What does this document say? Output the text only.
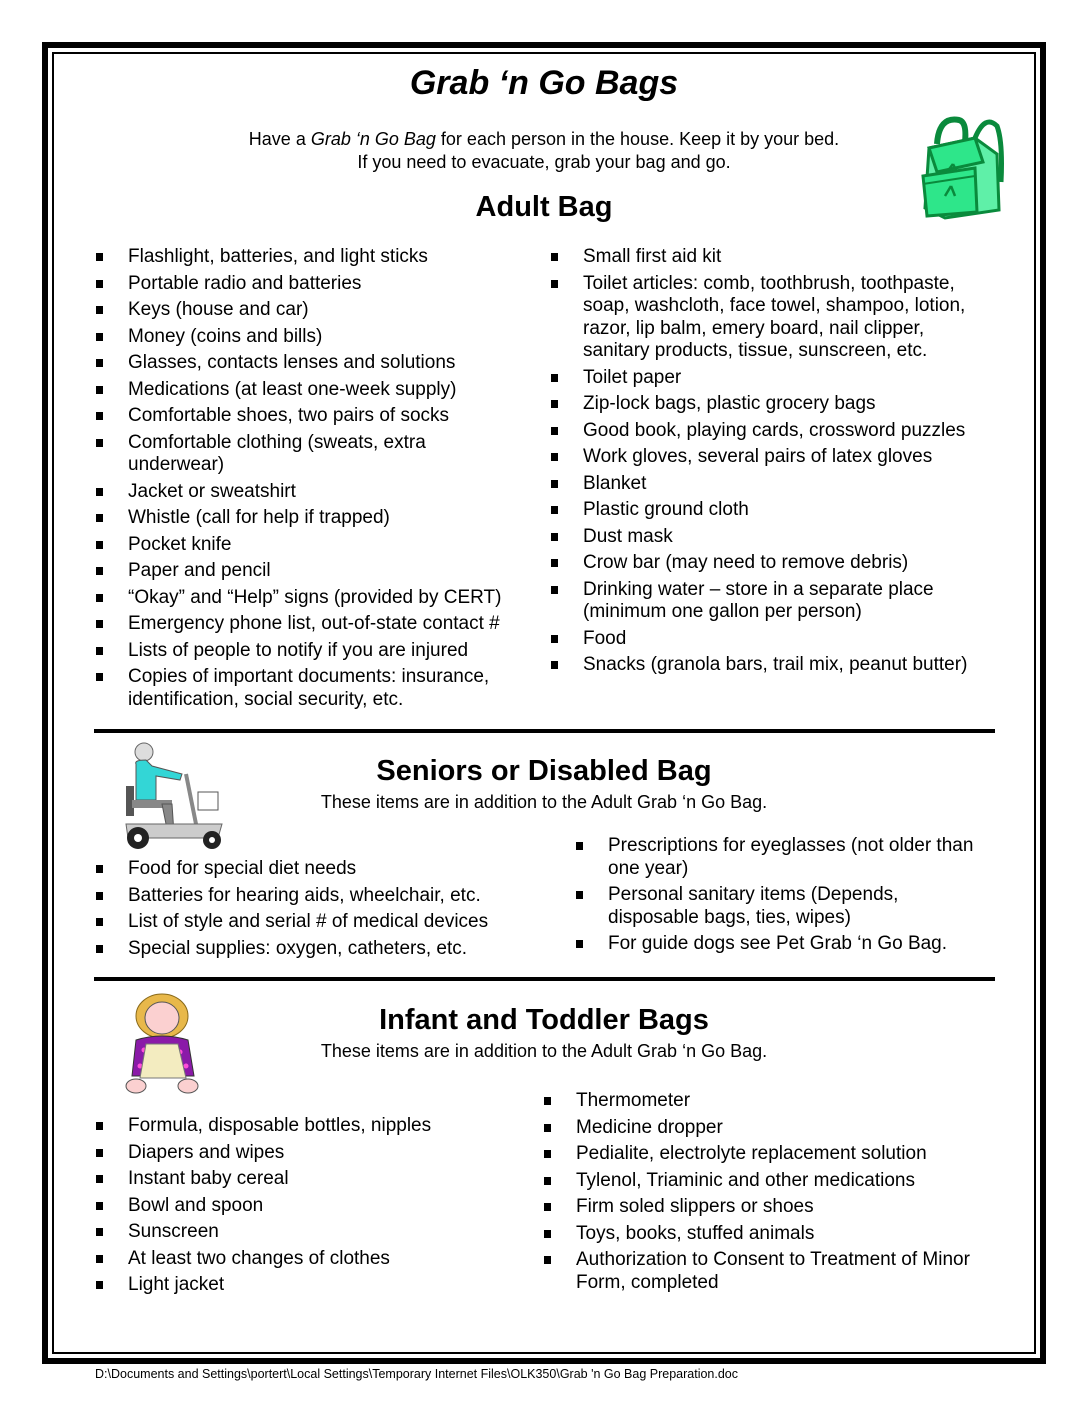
Grab ‘n Go Bags
Have a Grab ‘n Go Bag for each person in the house. Keep it by your bed.
If you need to evacuate, grab your bag and go.
Adult Bag
Flashlight, batteries, and light sticks
Portable radio and batteries
Keys (house and car)
Money (coins and bills)
Glasses, contacts lenses and solutions
Medications (at least one-week supply)
Comfortable shoes, two pairs of socks
Comfortable clothing (sweats, extra underwear)
Jacket or sweatshirt
Whistle (call for help if trapped)
Pocket knife
Paper and pencil
“Okay” and “Help” signs (provided by CERT)
Emergency phone list, out-of-state contact #
Lists of people to notify if you are injured
Copies of important documents: insurance, identification, social security, etc.
Small first aid kit
Toilet articles: comb, toothbrush, toothpaste, soap, washcloth, face towel, shampoo, lotion, razor, lip balm, emery board, nail clipper, sanitary products, tissue, sunscreen, etc.
Toilet paper
Zip-lock bags, plastic grocery bags
Good book, playing cards, crossword puzzles
Work gloves, several pairs of latex gloves
Blanket
Plastic ground cloth
Dust mask
Crow bar (may need to remove debris)
Drinking water – store in a separate place (minimum one gallon per person)
Food
Snacks (granola bars, trail mix, peanut butter)
Seniors or Disabled Bag
These items are in addition to the Adult Grab ‘n Go Bag.
Food for special diet needs
Batteries for hearing aids, wheelchair, etc.
List of style and serial # of medical devices
Special supplies: oxygen, catheters, etc.
Prescriptions for eyeglasses (not older than one year)
Personal sanitary items (Depends, disposable bags, ties, wipes)
For guide dogs see Pet Grab ‘n Go Bag.
Infant and Toddler Bags
These items are in addition to the Adult Grab ‘n Go Bag.
Formula, disposable bottles, nipples
Diapers and wipes
Instant baby cereal
Bowl and spoon
Sunscreen
At least two changes of clothes
Light jacket
Thermometer
Medicine dropper
Pedialite, electrolyte replacement solution
Tylenol, Triaminic and other medications
Firm soled slippers or shoes
Toys, books, stuffed animals
Authorization to Consent to Treatment of Minor Form, completed
D:\Documents and Settings\portert\Local Settings\Temporary Internet Files\OLK350\Grab 'n Go Bag Preparation.doc
